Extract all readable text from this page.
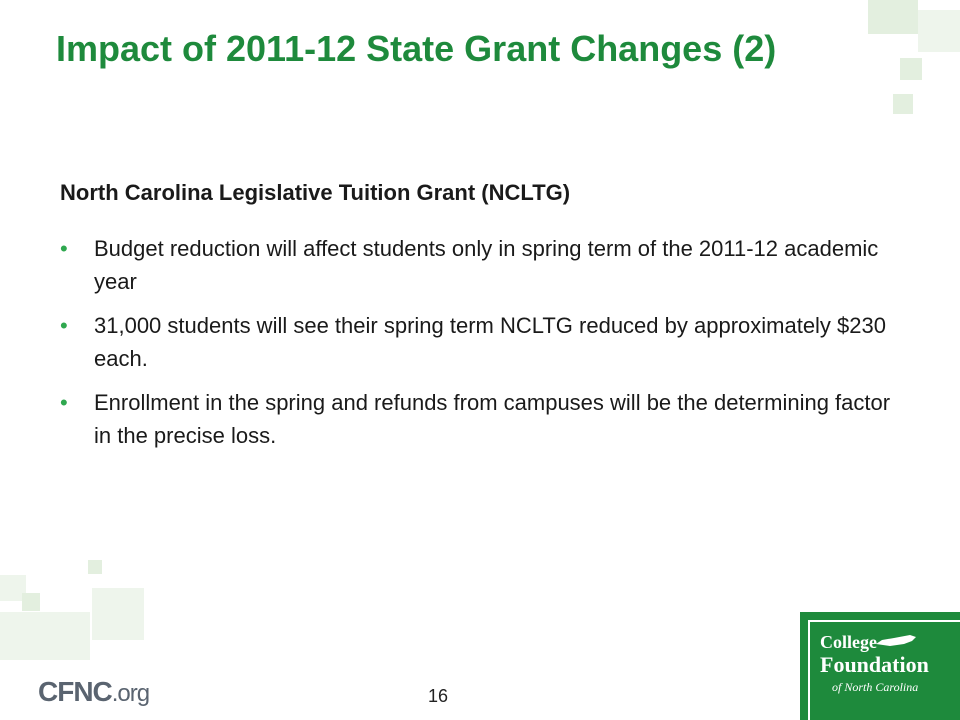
Impact of 2011-12 State Grant Changes (2)
North Carolina Legislative Tuition Grant (NCLTG)
• Budget reduction will affect students only in spring term of the 2011-12 academic year
• 31,000 students will see their spring term NCLTG reduced by approximately $230 each.
• Enrollment in the spring and refunds from campuses will be the determining factor in the precise loss.
CFNC.org	16
College
Foundation
of North Carolina
